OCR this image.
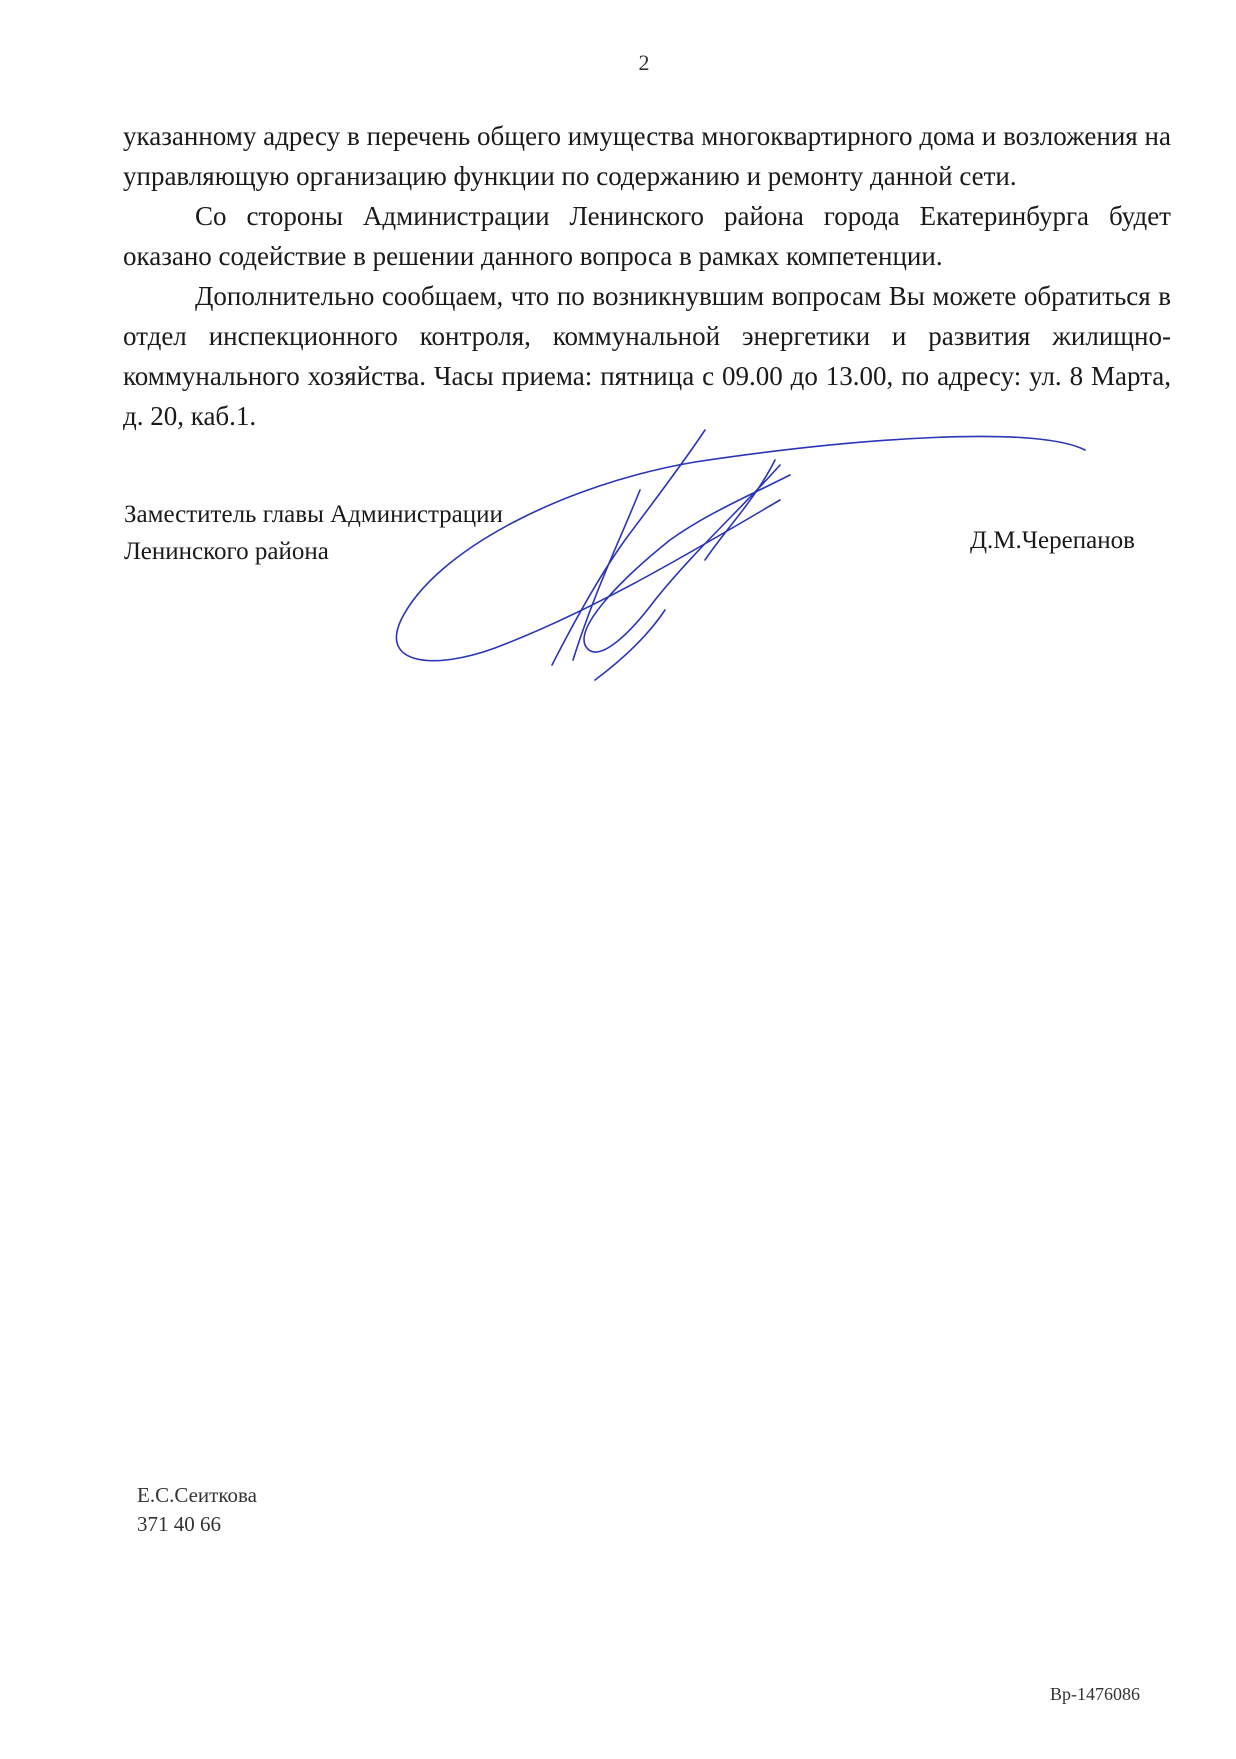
2

указанному адресу в перечень общего имущества многоквартирного дома и возложения на управляющую организацию функции по содержанию и ремонту данной сети.

Со стороны Администрации Ленинского района города Екатеринбурга будет оказано содействие в решении данного вопроса в рамках компетенции.

Дополнительно сообщаем, что по возникнувшим вопросам Вы можете обратиться в отдел инспекционного контроля, коммунальной энергетики и развития жилищно-коммунального хозяйства. Часы приема: пятница с 09.00 до 13.00, по адресу: ул. 8 Марта, д. 20, каб.1.

Заместитель главы Администрации
Ленинского района	Д.М.Черепанов
Е.С.Сеиткова
371 40 66
Вр-1476086
